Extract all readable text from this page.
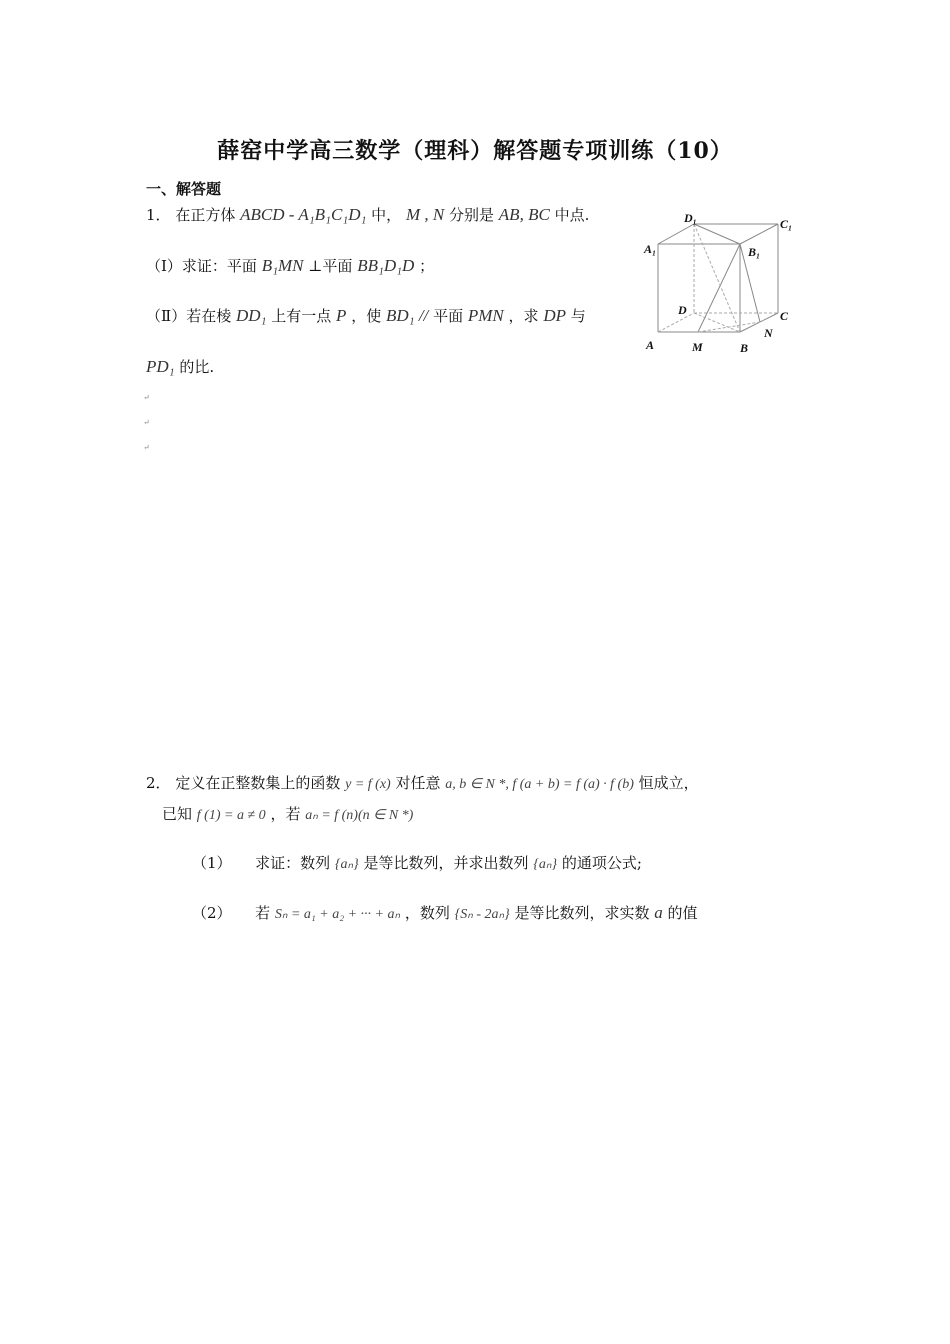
薛窑中学高三数学（理科）解答题专项训练（10）
一、解答题
1． 在正方体 ABCD - A₁B₁C₁D₁ 中， M , N 分别是 AB, BC 中点.
（Ⅰ）求证：平面 B₁MN ⊥平面 BB₁D₁D ；
（Ⅱ）若在棱 DD₁ 上有一点 P ，使 BD₁ // 平面 PMN ，求 DP 与
PD₁ 的比.
↵
↵
↵
D₁	C₁
A₁	B₁
D	C
A	M	B
N
2． 定义在正整数集上的函数 y = f (x) 对任意 a, b ∈ N *, f (a + b) = f (a) · f (b) 恒成立，
已知 f (1) = a ≠ 0 ，若 aₙ = f (n)(n ∈ N *)
（1） 求证：数列 {aₙ} 是等比数列，并求出数列 {aₙ} 的通项公式;
（2） 若 Sₙ = a₁ + a₂ + ··· + aₙ ，数列 {Sₙ - 2aₙ} 是等比数列，求实数 a 的值
